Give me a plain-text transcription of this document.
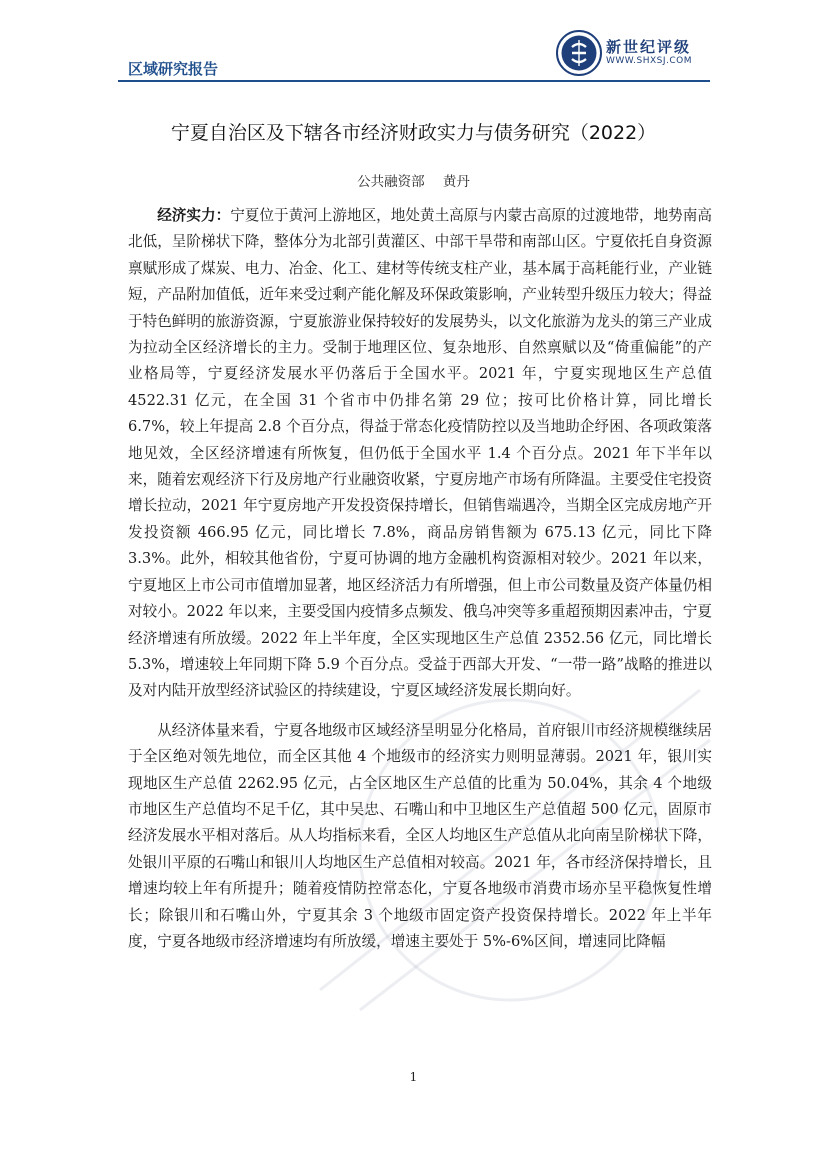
区域研究报告
新世纪评级
WWW.SHXSJ.COM
宁夏自治区及下辖各市经济财政实力与债务研究（2022）
公共融资部 黄丹

经济实力：宁夏位于黄河上游地区，地处黄土高原与内蒙古高原的过渡地带，地势南高北低，呈阶梯状下降，整体分为北部引黄灌区、中部干旱带和南部山区。宁夏依托自身资源禀赋形成了煤炭、电力、冶金、化工、建材等传统支柱产业，基本属于高耗能行业，产业链短，产品附加值低，近年来受过剩产能化解及环保政策影响，产业转型升级压力较大；得益于特色鲜明的旅游资源，宁夏旅游业保持较好的发展势头，以文化旅游为龙头的第三产业成为拉动全区经济增长的主力。受制于地理区位、复杂地形、自然禀赋以及“倚重偏能”的产业格局等，宁夏经济发展水平仍落后于全国水平。2021 年，宁夏实现地区生产总值 4522.31 亿元，在全国 31 个省市中仍排名第 29 位；按可比价格计算，同比增长 6.7%，较上年提高 2.8 个百分点，得益于常态化疫情防控以及当地助企纾困、各项政策落地见效，全区经济增速有所恢复，但仍低于全国水平 1.4 个百分点。2021 年下半年以来，随着宏观经济下行及房地产行业融资收紧，宁夏房地产市场有所降温。主要受住宅投资增长拉动，2021 年宁夏房地产开发投资保持增长，但销售端遇冷，当期全区完成房地产开发投资额 466.95 亿元，同比增长 7.8%，商品房销售额为 675.13 亿元，同比下降 3.3%。此外，相较其他省份，宁夏可协调的地方金融机构资源相对较少。2021 年以来，宁夏地区上市公司市值增加显著，地区经济活力有所增强，但上市公司数量及资产体量仍相对较小。2022 年以来，主要受国内疫情多点频发、俄乌冲突等多重超预期因素冲击，宁夏经济增速有所放缓。2022 年上半年度，全区实现地区生产总值 2352.56 亿元，同比增长 5.3%，增速较上年同期下降 5.9 个百分点。受益于西部大开发、“一带一路”战略的推进以及对内陆开放型经济试验区的持续建设，宁夏区域经济发展长期向好。

从经济体量来看，宁夏各地级市区域经济呈明显分化格局，首府银川市经济规模继续居于全区绝对领先地位，而全区其他 4 个地级市的经济实力则明显薄弱。2021 年，银川实现地区生产总值 2262.95 亿元，占全区地区生产总值的比重为 50.04%，其余 4 个地级市地区生产总值均不足千亿，其中吴忠、石嘴山和中卫地区生产总值超 500 亿元，固原市经济发展水平相对落后。从人均指标来看，全区人均地区生产总值从北向南呈阶梯状下降，处银川平原的石嘴山和银川人均地区生产总值相对较高。2021 年，各市经济保持增长，且增速均较上年有所提升；随着疫情防控常态化，宁夏各地级市消费市场亦呈平稳恢复性增长；除银川和石嘴山外，宁夏其余 3 个地级市固定资产投资保持增长。2022 年上半年度，宁夏各地级市经济增速均有所放缓，增速主要处于 5%-6%区间，增速同比降幅

1
